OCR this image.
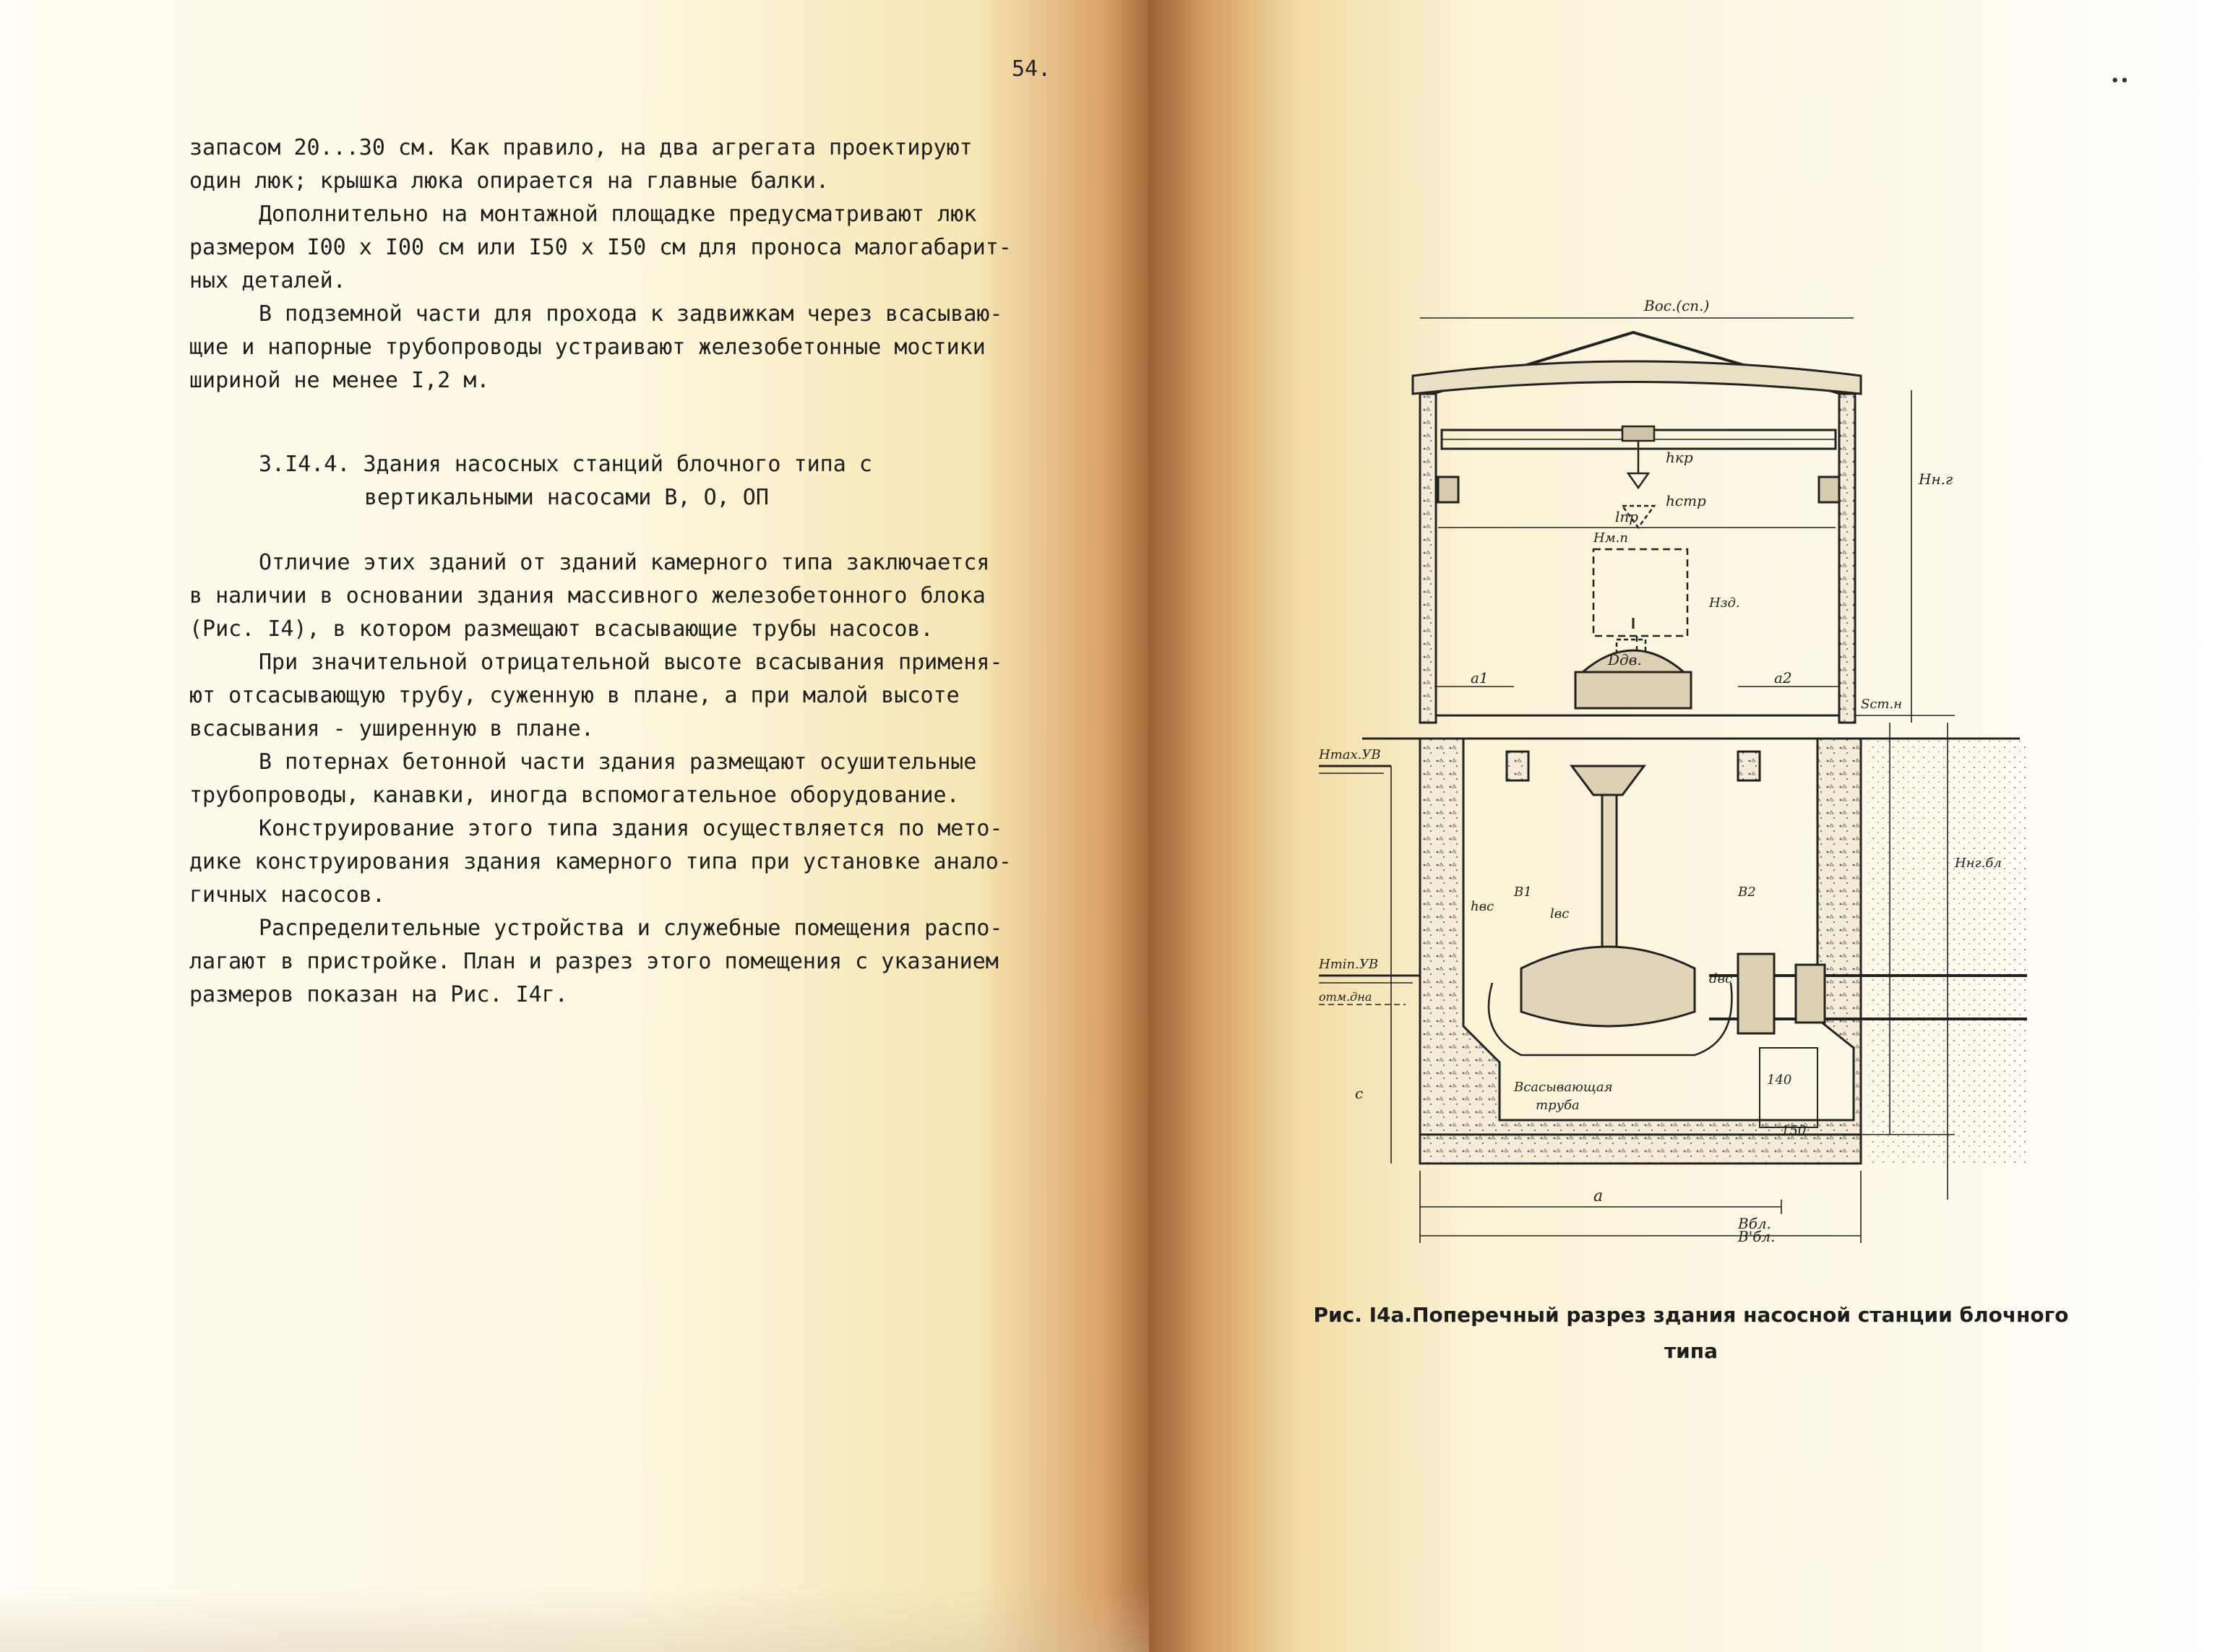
54.

запасом 20...30 см. Как правило, на два агрегата проектируют
один люк; крышка люка опирается на главные балки.

Дополнительно на монтажной площадке предусматривают люк
размером I00 x I00 см или I50 x I50 см для проноса малогабарит-
ных деталей.

В подземной части для прохода к задвижкам через всасываю-
щие и напорные трубопроводы устраивают железобетонные мостики
шириной не менее I,2 м.

3.I4.4. Здания насосных станций блочного типа с
вертикальными насосами В, О, ОП

Отличие этих зданий от зданий камерного типа заключается
в наличии в основании здания массивного железобетонного блока
(Рис. I4), в котором размещают всасывающие трубы насосов.

При значительной отрицательной высоте всасывания применя-
ют отсасывающую трубу, суженную в плане, а при малой высоте
всасывания - уширенную в плане.

В потернах бетонной части здания размещают осушительные
трубопроводы, канавки, иногда вспомогательное оборудование.

Конструирование этого типа здания осуществляется по мето-
дике конструирования здания камерного типа при установке анало-
гичных насосов.

Распределительные устройства и служебные помещения распо-
лагают в пристройке. План и разрез этого помещения с указанием
размеров показан на Рис. I4г.

••
Вос.(сп.)
hкр
hстр
lпр
Нм.п
Нн.г
Нзд.
Dдв.
а1	а2
Sст.н
Нmax.УВ
Нmin.УВ
отм.дна
Ннг.бл
hвс	lвс
В1	В2
Всасывающая
труба
150
140
а
Вбл.
В'бл.
с
dвс
Рис. I4а.Поперечный разрез здания насосной станции блочного
типа
